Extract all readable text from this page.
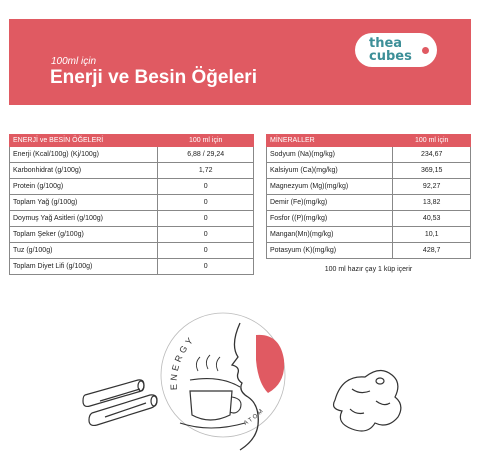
100ml için
Enerji ve Besin Öğeleri
thea
cubes
ENERJİ ve BESİN ÖĞELERİ	100 ml için
Enerji (Kcal/100g) (Kj/100g)	6,88 / 29,24
Karbonhidrat (g/100g)	1,72
Protein (g/100g)	0
Toplam Yağ (g/100g)	0
Doymuş Yağ Asitleri (g/100g)	0
Toplam Şeker (g/100g)	0
Tuz (g/100g)	0
Toplam Diyet Lifi (g/100g)	0
MİNERALLER	100 ml için
Sodyum (Na)(mg/kg)	234,67
Kalsiyum (Ca)(mg/kg)	369,15
Magnezyum (Mg)(mg/kg)	92,27
Demir (Fe)(mg/kg)	13,82
Fosfor ((P)(mg/kg)	40,53
Mangan(Mn)(mg/kg)	10,1
Potasyum (K)(mg/kg)	428,7
100 ml hazır çay 1 küp içerir
ENERGY
ATOM
